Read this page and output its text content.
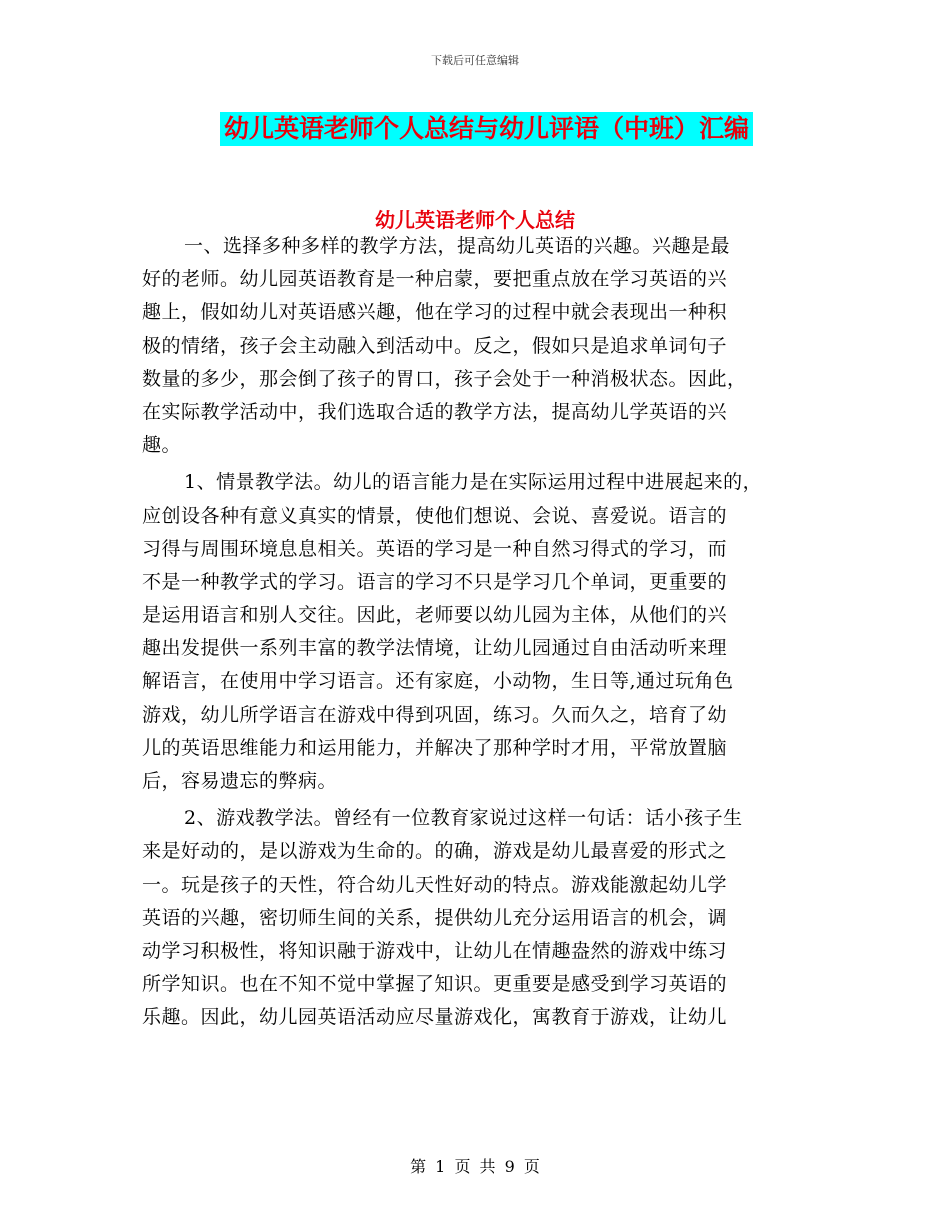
下载后可任意编辑
幼儿英语老师个人总结与幼儿评语（中班）汇编
幼儿英语老师个人总结

一、选择多种多样的教学方法，提高幼儿英语的兴趣。兴趣是最
好的老师。幼儿园英语教育是一种启蒙，要把重点放在学习英语的兴
趣上，假如幼儿对英语感兴趣，他在学习的过程中就会表现出一种积
极的情绪，孩子会主动融入到活动中。反之，假如只是追求单词句子
数量的多少，那会倒了孩子的胃口，孩子会处于一种消极状态。因此，
在实际教学活动中，我们选取合适的教学方法，提高幼儿学英语的兴
趣。

1、情景教学法。幼儿的语言能力是在实际运用过程中进展起来的，
应创设各种有意义真实的情景，使他们想说、会说、喜爱说。语言的
习得与周围环境息息相关。英语的学习是一种自然习得式的学习，而
不是一种教学式的学习。语言的学习不只是学习几个单词，更重要的
是运用语言和别人交往。因此，老师要以幼儿园为主体，从他们的兴
趣出发提供一系列丰富的教学法情境，让幼儿园通过自由活动听来理
解语言，在使用中学习语言。还有家庭，小动物，生日等,通过玩角色
游戏，幼儿所学语言在游戏中得到巩固，练习。久而久之，培育了幼
儿的英语思维能力和运用能力，并解决了那种学时才用，平常放置脑
后，容易遗忘的弊病。

2、游戏教学法。曾经有一位教育家说过这样一句话：话小孩子生
来是好动的，是以游戏为生命的。的确，游戏是幼儿最喜爱的形式之
一。玩是孩子的天性，符合幼儿天性好动的特点。游戏能激起幼儿学
英语的兴趣，密切师生间的关系，提供幼儿充分运用语言的机会，调
动学习积极性，将知识融于游戏中，让幼儿在情趣盎然的游戏中练习
所学知识。也在不知不觉中掌握了知识。更重要是感受到学习英语的
乐趣。因此，幼儿园英语活动应尽量游戏化，寓教育于游戏，让幼儿

第 1 页 共 9 页
